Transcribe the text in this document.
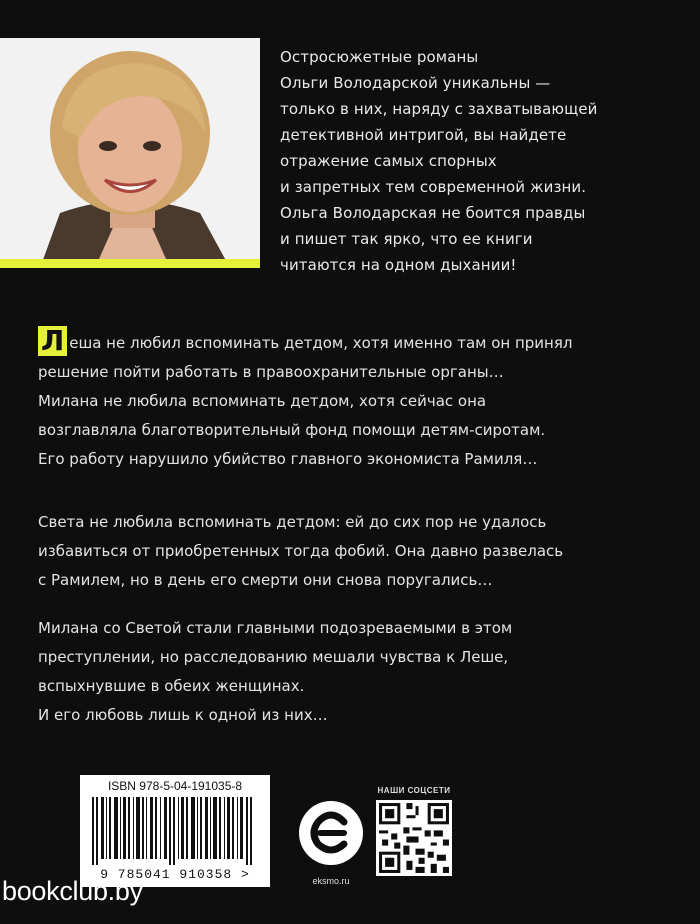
Остросюжетные романы
Ольги Володарской уникальны —
только в них, наряду с захватывающей
детективной интригой, вы найдете
отражение самых спорных
и запретных тем современной жизни.
Ольга Володарская не боится правды
и пишет так ярко, что ее книги
читаются на одном дыхании!
Л еша не любил вспоминать детдом, хотя именно там он принял
решение пойти работать в правоохранительные органы…
Милана не любила вспоминать детдом, хотя сейчас она
возглавляла благотворительный фонд помощи детям-сиротам.
Его работу нарушило убийство главного экономиста Рамиля…
Света не любила вспоминать детдом: ей до сих пор не удалось
избавиться от приобретенных тогда фобий. Она давно развелась
с Рамилем, но в день его смерти они снова поругались…
Милана со Светой стали главными подозреваемыми в этом
преступлении, но расследованию мешали чувства к Леше,
вспыхнувшие в обеих женщинах.
И его любовь лишь к одной из них…
ISBN 978-5-04-191035-8
9 785041 910358 >	eksmo.ru
НАШИ СОЦСЕТИ
bookclub.by
